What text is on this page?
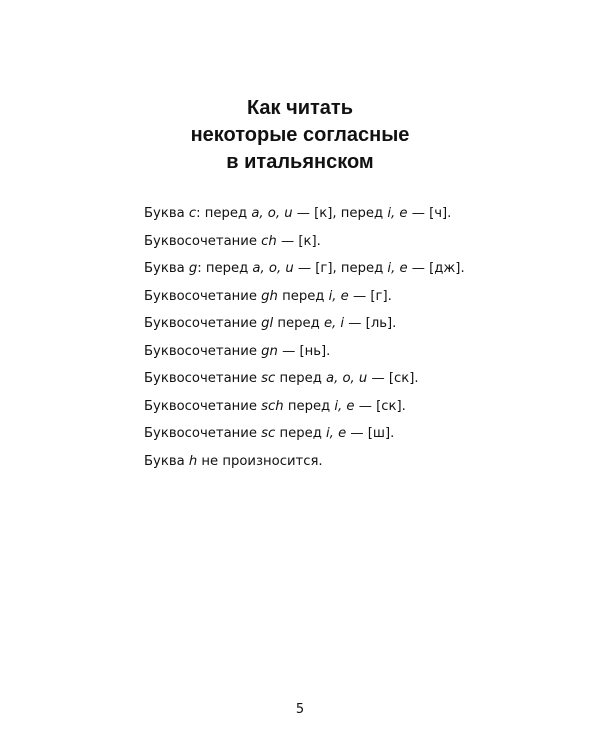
Как читать
некоторые согласные
в итальянском
Буква c: перед a, o, u — [к], перед i, e — [ч].
Буквосочетание ch — [к].
Буква g: перед a, o, u — [г], перед i, e — [дж].
Буквосочетание gh перед i, e — [г].
Буквосочетание gl перед e, i — [ль].
Буквосочетание gn — [нь].
Буквосочетание sc перед a, o, u — [ск].
Буквосочетание sch перед i, e — [ск].
Буквосочетание sc перед i, e — [ш].
Буква h не произносится.
5
